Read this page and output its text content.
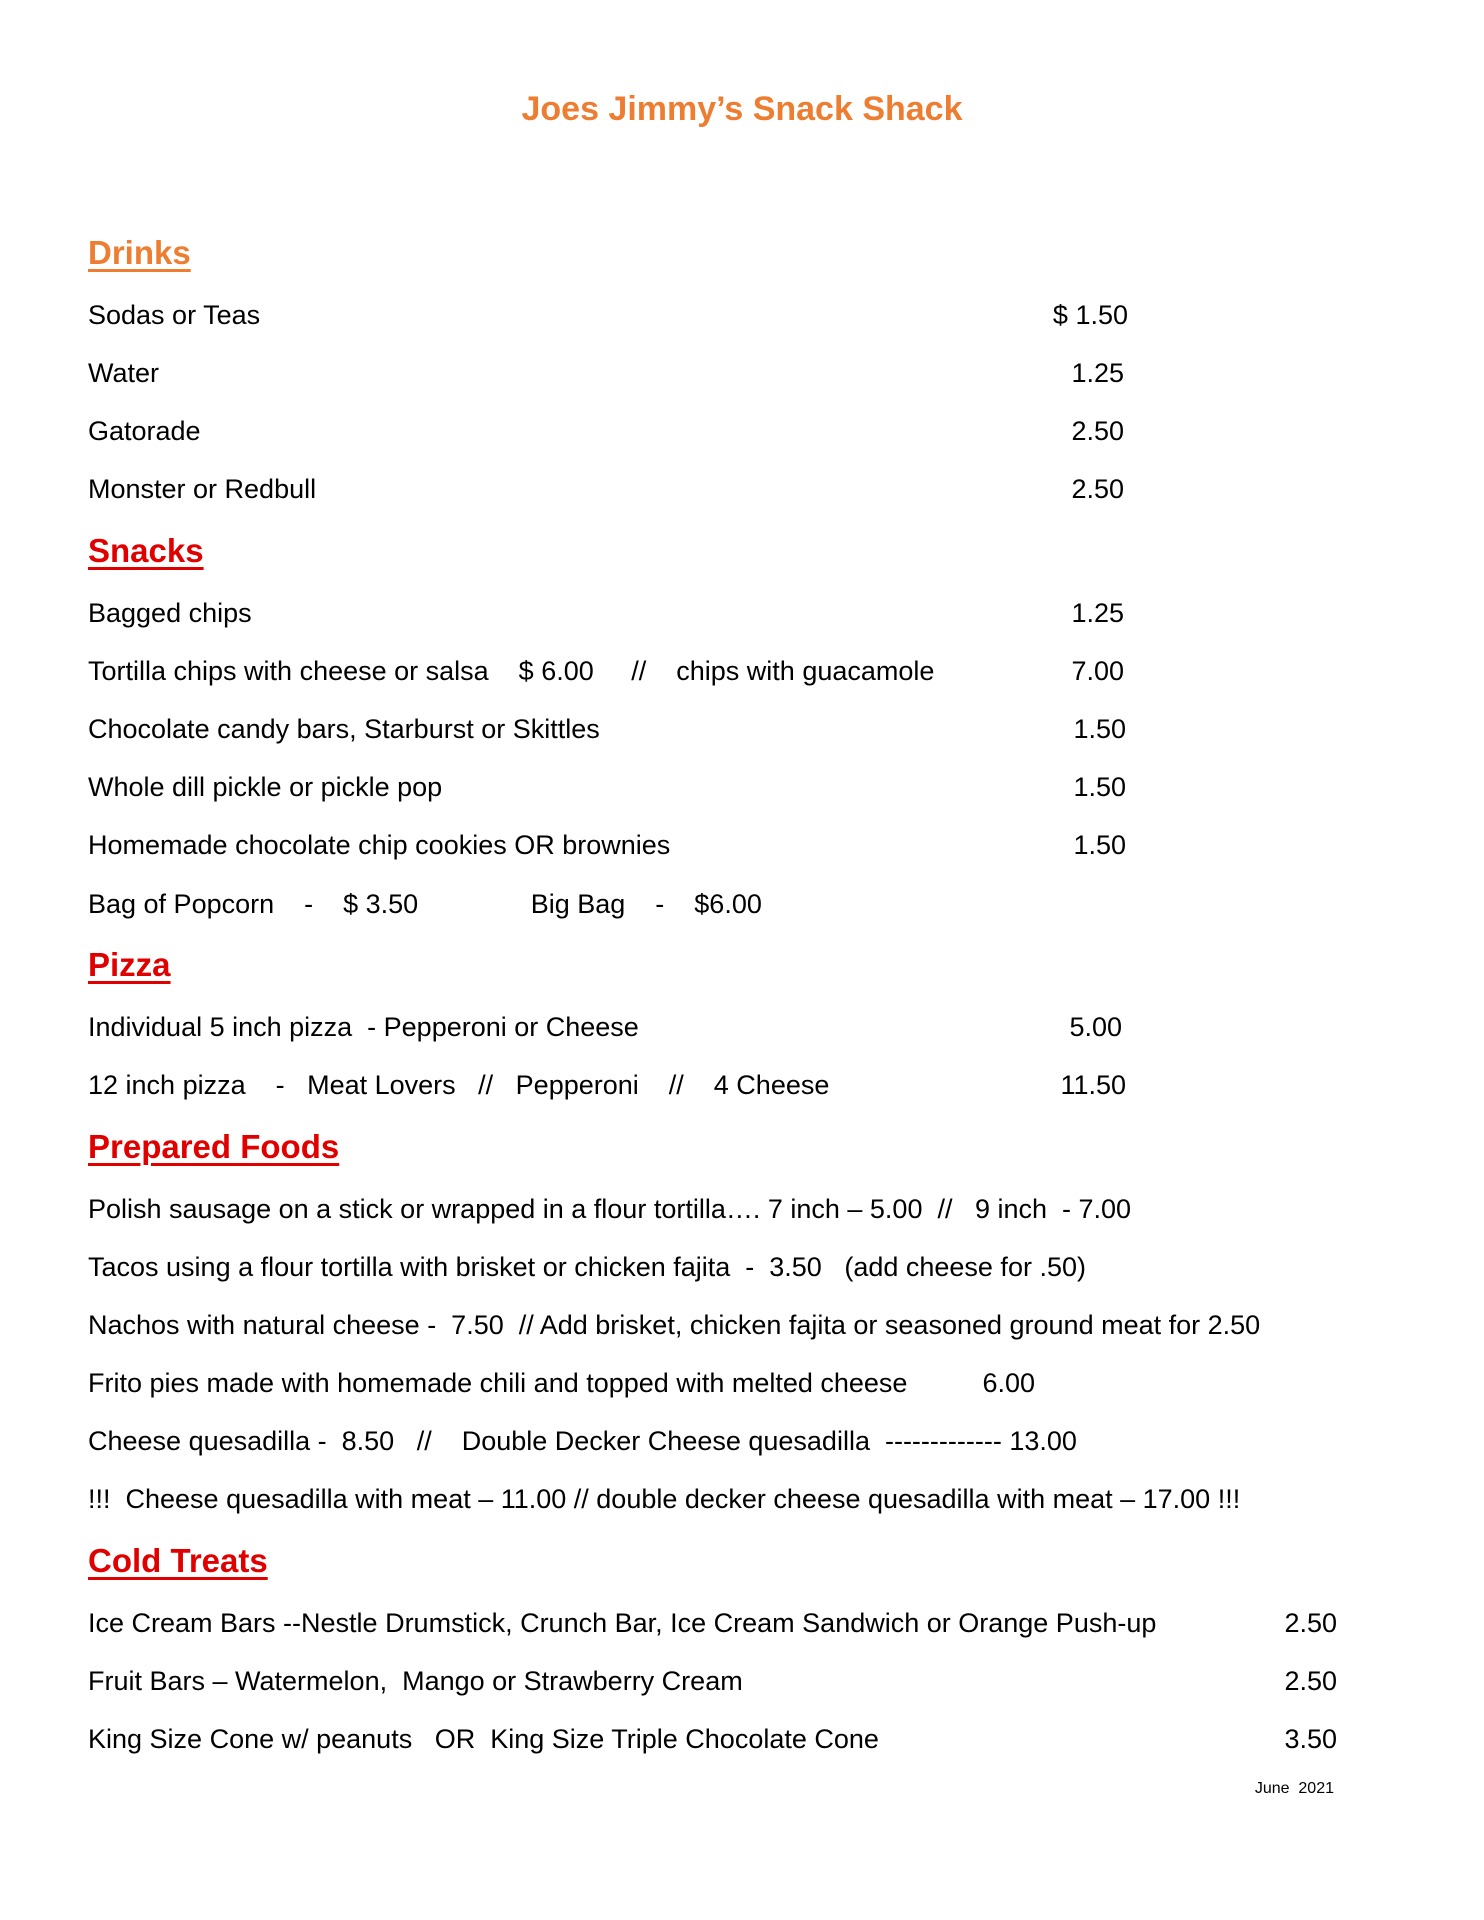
Joes Jimmy’s Snack Shack
Drinks
Sodas or Teas	$ 1.50
Water	1.25
Gatorade	2.50
Monster or Redbull	2.50
Snacks
Bagged chips	1.25
Tortilla chips with cheese or salsa    $ 6.00     //    chips with guacamole	7.00
Chocolate candy bars, Starburst or Skittles	1.50
Whole dill pickle or pickle pop	1.50
Homemade chocolate chip cookies OR brownies	1.50
Bag of Popcorn    -    $ 3.50               Big Bag    -    $6.00
Pizza
Individual 5 inch pizza  - Pepperoni or Cheese	5.00
12 inch pizza    -   Meat Lovers   //   Pepperoni    //    4 Cheese	11.50
Prepared Foods
Polish sausage on a stick or wrapped in a flour tortilla…. 7 inch – 5.00  //   9 inch  - 7.00
Tacos using a flour tortilla with brisket or chicken fajita  -  3.50   (add cheese for .50)
Nachos with natural cheese -  7.50  // Add brisket, chicken fajita or seasoned ground meat for 2.50
Frito pies made with homemade chili and topped with melted cheese          6.00
Cheese quesadilla -  8.50   //    Double Decker Cheese quesadilla  ------------- 13.00
!!!  Cheese quesadilla with meat – 11.00 // double decker cheese quesadilla with meat – 17.00 !!!
Cold Treats
Ice Cream Bars --Nestle Drumstick, Crunch Bar, Ice Cream Sandwich or Orange Push-up	2.50
Fruit Bars – Watermelon,  Mango or Strawberry Cream	2.50
King Size Cone w/ peanuts   OR  King Size Triple Chocolate Cone	3.50
June  2021
